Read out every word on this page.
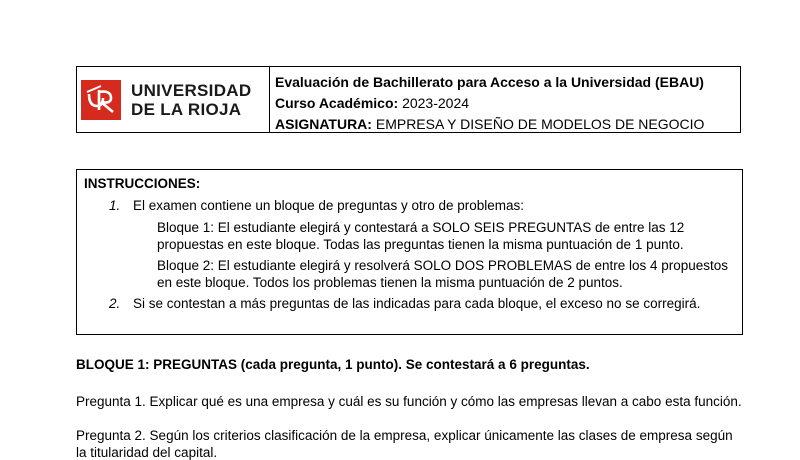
UNIVERSIDAD
DE LA RIOJA
Evaluación de Bachillerato para Acceso a la Universidad (EBAU)
Curso Académico: 2023-2024
ASIGNATURA: EMPRESA Y DISEÑO DE MODELOS DE NEGOCIO
INSTRUCCIONES:
1. El examen contiene un bloque de preguntas y otro de problemas:
Bloque 1: El estudiante elegirá y contestará a SOLO SEIS PREGUNTAS de entre las 12
propuestas en este bloque. Todas las preguntas tienen la misma puntuación de 1 punto.
Bloque 2: El estudiante elegirá y resolverá SOLO DOS PROBLEMAS de entre los 4 propuestos
en este bloque. Todos los problemas tienen la misma puntuación de 2 puntos.
2. Si se contestan a más preguntas de las indicadas para cada bloque, el exceso no se corregirá.
BLOQUE 1: PREGUNTAS (cada pregunta, 1 punto). Se contestará a 6 preguntas.
Pregunta 1. Explicar qué es una empresa y cuál es su función y cómo las empresas llevan a cabo esta función.
Pregunta 2. Según los criterios clasificación de la empresa, explicar únicamente las clases de empresa según
la titularidad del capital.
